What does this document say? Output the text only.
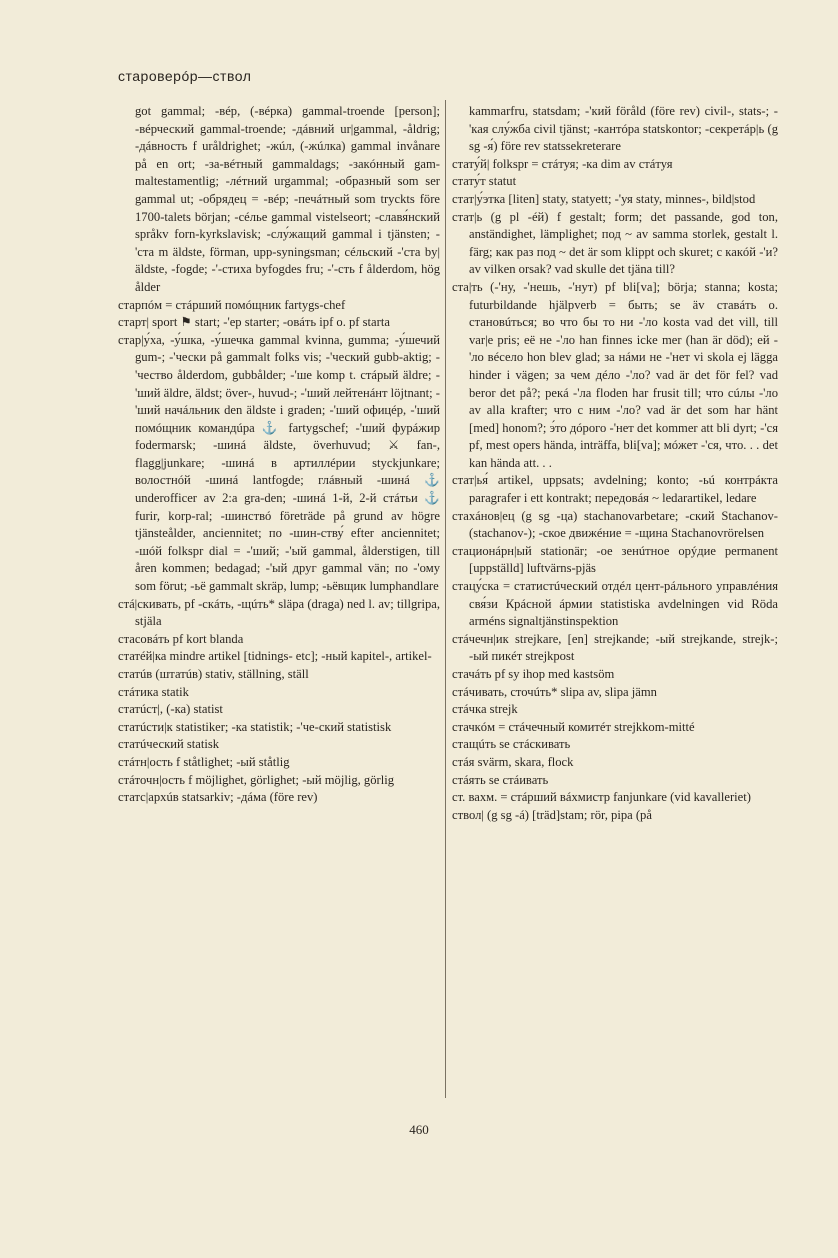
староверóр—ствол

got gammal; -вéр, (-вéрка) gammal-troende [person]; -вéрческий gammal-troende; -дáвний ur|gammal, -åldrig; -дáвность f uråldrighet; -жúл, (-жúлка) gammal invånare på en ort; -за-вéтный gammaldags; -закóнный gam-maltestamentlig; -лéтний urgammal; -образный som ser gammal ut; -обрядец = -вéр; -печáтный som tryckts före 1700-talets början; -сéлье gammal vistelseort; -славя́нский språkv forn-kyrkslavisk; -слу́жащий gammal i tjänsten; -'ста m äldste, förman, upp-syningsman; сéльский -'ста by|äldste, -fogde; -'-стиха byfogdes fru; -'-сть f ålderdom, hög ålder

старпóм = стáрший помóщник fartygs-chef

старт| sport ⚑ start; -'ер starter; -овáть ipf o. pf starta

стар|у́ха, -у́шка, -у́шечка gammal kvinna, gumma; -у́шечий gum-; -'чески på gammalt folks vis; -'ческий gubb-aktig; -'чество ålderdom, gubbålder; -'ше komp t. стáрый äldre; -'ший äldre, äldst; över-, huvud-; -'ший лейтенáнт löjtnant; -'ший начáльник den äldste i graden; -'ший офицéр, -'ший помóщник командúра ⚓ fartygschef; -'ший фурáжир fodermarsk; -шинá äldste, överhuvud; ⚔ fan-, flagg|junkare; -шинá в артиллéрии styckjunkare; волостнóй -шинá lantfogde; глáвный -шинá ⚓ underofficer av 2:a gra-den; -шинá 1-й, 2-й стáтьи ⚓ furir, korp-ral; -шинствó företräde på grund av högre tjänsteålder, anciennitet; по -шин-ству́ efter anciennitet; -шóй folkspr dial = -'ший; -'ый gammal, ålderstigen, till åren kommen; bedagad; -'ый друг gammal vän; по -'ому som förut; -ьё gammalt skräp, lump; -ьёвщик lumphandlare

стá|скивать, pf -скáть, -щúть* släpa (draga) ned l. av; tillgripa, stjäla

стасовáть pf kort blanda

статéй|ка mindre artikel [tidnings- etc]; -ный kapitel-, artikel-

статúв (штатúв) stativ, ställning, ställ

стáтика statik

статúст|, (-ка) statist

статúсти|к statistiker; -ка statistik; -'че-ский statistisk

статúческий statisk

стáтн|ость f ståtlighet; -ый ståtlig

стáточн|ость f möjlighet, görlighet; -ый möjlig, görlig

статс|архúв statsarkiv; -дáма (före rev)

kammarfru, statsdam; -'кий föråld (före rev) civil-, stats-; -'кая слу́жба civil tjänst; -кантóра statskontor; -секретáр|ь (g sg -я́) före rev statssekreterare

стату́й| folkspr = стáтуя; -ка dim av стáтуя

стату́т statut

стат|у́этка [liten] staty, statyett; -'уя staty, minnes-, bild|stod

стат|ь (g pl -éй) f gestalt; form; det passande, god ton, anständighet, lämplighet; под ~ av samma storlek, gestalt l. färg; как раз под ~ det är som klippt och skuret; с какóй -'и? av vilken orsak? vad skulle det tjäna till?

ста|ть (-'ну, -'нешь, -'нут) pf bli[va]; börja; stanna; kosta; futurbildande hjälpverb = быть; se äv ставáть o. становúться; во что бы то ни -'ло kosta vad det vill, till var|e pris; её не -'ло han finnes icke mer (han är död); ей -'ло вéсело hon blev glad; за нáми не -'нет vi skola ej lägga hinder i vägen; за чем дéло -'ло? vad är det för fel? vad beror det på?; рекá -'ла floden har frusit till; что сúлы -'ло av alla krafter; что с ним -'ло? vad är det som har hänt [med] honom?; э́то дóрого -'нет det kommer att bli dyrt; -'ся pf, mest opers hända, inträffa, bli[va]; мóжет -'ся, что. . . det kan hända att. . .

стат|ья́ artikel, uppsats; avdelning; konto; -ьú контрáкта paragrafer i ett kontrakt; передовáя ~ ledarartikel, ledare

стахáнов|ец (g sg -ца) stachanovarbetare; -ский Stachanov- (stachanov-); -ское движéние = -щина Stachanovrörelsen

стационáрн|ый stationär; -ое зенúтное орýдие permanent [uppställd] luftvärns-pjäs

стацу́ска = статистúческий отдéл цент-рáльного управлéния свя́зи Крáсной áрмии statistiska avdelningen vid Röda arméns signaltjänstinspektion

стáчечн|ик strejkare, [en] strejkande; -ый strejkande, strejk-; -ый пикéт strejkpost

стачáть pf sy ihop med kastsöm

стáчивать, сточúть* slipa av, slipa jämn

стáчка strejk

стачкóм = стáчечный комитéт strejkkom-mitté

стащúть se стáскивать

стáя svärm, skara, flock

стáять se стáивать

ст. вахм. = стáрший вáхмистр fanjunkare (vid kavalleriet)

ствол| (g sg -á) [träd]stam; rör, pipa (på

460
